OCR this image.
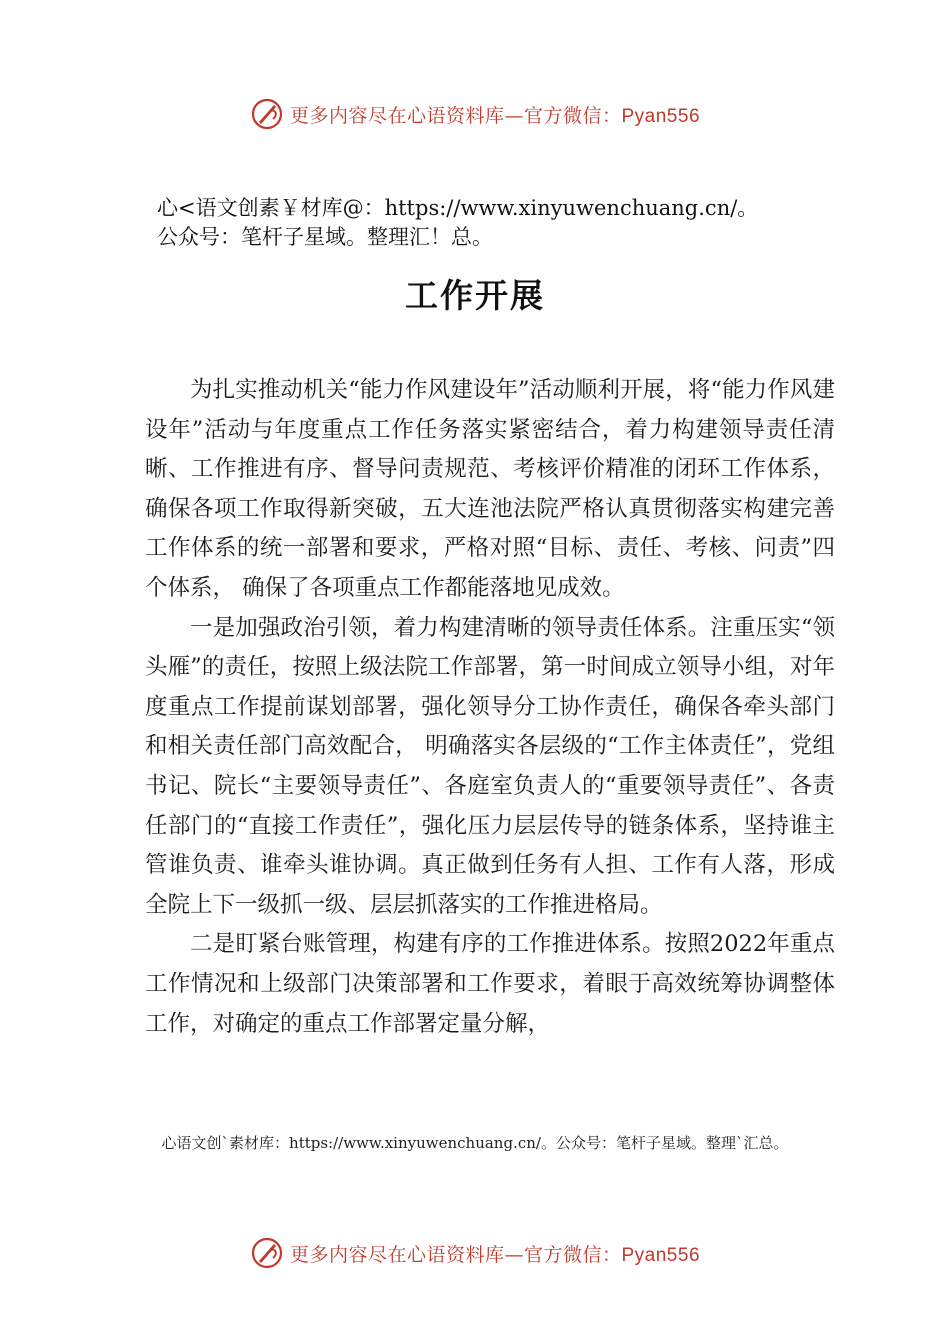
更多内容尽在心语资料库—官方微信：Pyan556
心<语文创素￥材库@：https://www.xinyuwenchuang.cn/。
公众号：笔杆子星域。整理汇！总。
工作开展

为扎实推动机关“能力作风建设年”活动顺利开展，将“能力作风建设年”活动与年度重点工作任务落实紧密结合，着力构建领导责任清晰、工作推进有序、督导问责规范、考核评价精准的闭环工作体系，确保各项工作取得新突破，五大连池法院严格认真贯彻落实构建完善工作体系的统一部署和要求，严格对照“目标、责任、考核、问责”四个体系， 确保了各项重点工作都能落地见成效。

一是加强政治引领，着力构建清晰的领导责任体系。注重压实“领头雁”的责任，按照上级法院工作部署，第一时间成立领导小组，对年度重点工作提前谋划部署，强化领导分工协作责任，确保各牵头部门和相关责任部门高效配合， 明确落实各层级的“工作主体责任”，党组书记、院长“主要领导责任”、各庭室负责人的“重要领导责任”、各责任部门的“直接工作责任”，强化压力层层传导的链条体系，坚持谁主管谁负责、谁牵头谁协调。真正做到任务有人担、工作有人落，形成全院上下一级抓一级、层层抓落实的工作推进格局。

二是盯紧台账管理，构建有序的工作推进体系。按照2022年重点工作情况和上级部门决策部署和工作要求，着眼于高效统筹协调整体工作，对确定的重点工作部署定量分解，

心语文创`素材库：https://www.xinyuwenchuang.cn/。公众号：笔杆子星域。整理`汇总。
更多内容尽在心语资料库—官方微信：Pyan556
